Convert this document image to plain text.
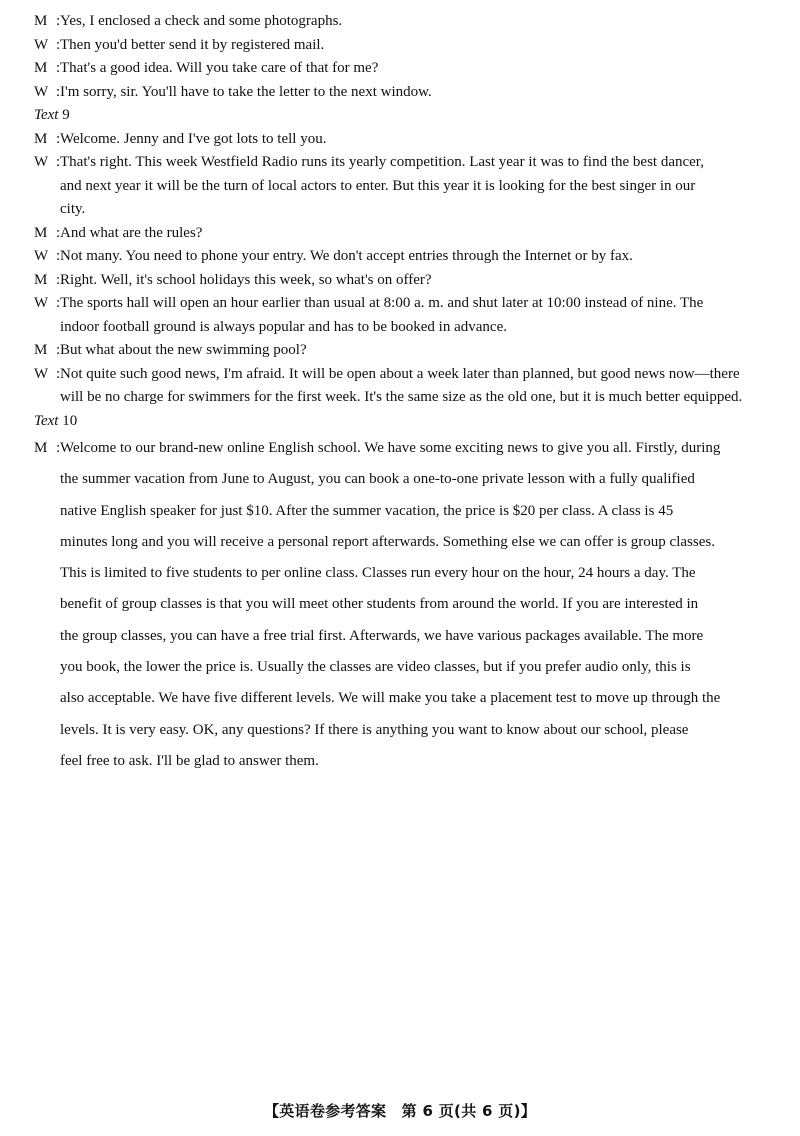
M : Yes, I enclosed a check and some photographs.
W : Then you'd better send it by registered mail.
M : That's a good idea. Will you take care of that for me?
W : I'm sorry, sir. You'll have to take the letter to the next window.
Text 9
M : Welcome. Jenny and I've got lots to tell you.
W : That's right. This week Westfield Radio runs its yearly competition. Last year it was to find the best dancer,
and next year it will be the turn of local actors to enter. But this year it is looking for the best singer in our
city.
M : And what are the rules?
W : Not many. You need to phone your entry. We don't accept entries through the Internet or by fax.
M : Right. Well, it's school holidays this week, so what's on offer?
W : The sports hall will open an hour earlier than usual at 8:00 a. m. and shut later at 10:00 instead of nine. The
indoor football ground is always popular and has to be booked in advance.
M : But what about the new swimming pool?
W : Not quite such good news, I'm afraid. It will be open about a week later than planned, but good news now—there
will be no charge for swimmers for the first week. It's the same size as the old one, but it is much better equipped.
Text 10
M : Welcome to our brand-new online English school. We have some exciting news to give you all. Firstly, during
the summer vacation from June to August, you can book a one-to-one private lesson with a fully qualified
native English speaker for just $10. After the summer vacation, the price is $20 per class. A class is 45
minutes long and you will receive a personal report afterwards. Something else we can offer is group classes.
This is limited to five students to per online class. Classes run every hour on the hour, 24 hours a day. The
benefit of group classes is that you will meet other students from around the world. If you are interested in
the group classes, you can have a free trial first. Afterwards, we have various packages available. The more
you book, the lower the price is. Usually the classes are video classes, but if you prefer audio only, this is
also acceptable. We have five different levels. We will make you take a placement test to move up through the
levels. It is very easy. OK, any questions? If there is anything you want to know about our school, please
feel free to ask. I'll be glad to answer them.
【英语卷参考答案　第 6 页(共 6 页)】
